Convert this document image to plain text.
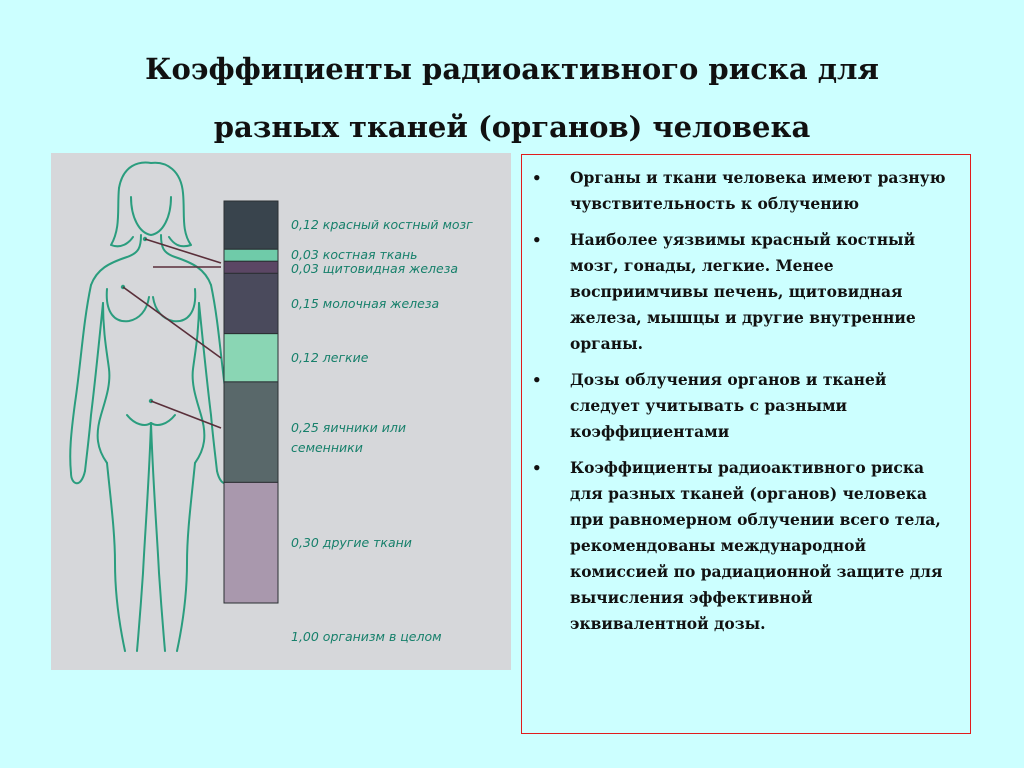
Коэффициенты радиоактивного риска для
разных тканей (органов) человека
0,12 красный костный мозг
0,03 костная ткань
0,03 щитовидная железа
0,15 молочная железа
0,12 легкие
0,25 яичники или семенники
0,30 другие ткани
1,00 организм в целом
• Органы и ткани человека имеют разную чувствительность к облучению
• Наиболее уязвимы красный костный мозг, гонады, легкие. Менее восприимчивы печень, щитовидная железа, мышцы и другие внутренние органы.
• Дозы облучения органов и тканей следует учитывать с разными коэффициентами
• Коэффициенты радиоактивного риска для разных тканей (органов) человека при равномерном облучении всего тела, рекомендованы международной комиссией по радиационной защите для вычисления эффективной эквивалентной дозы.
